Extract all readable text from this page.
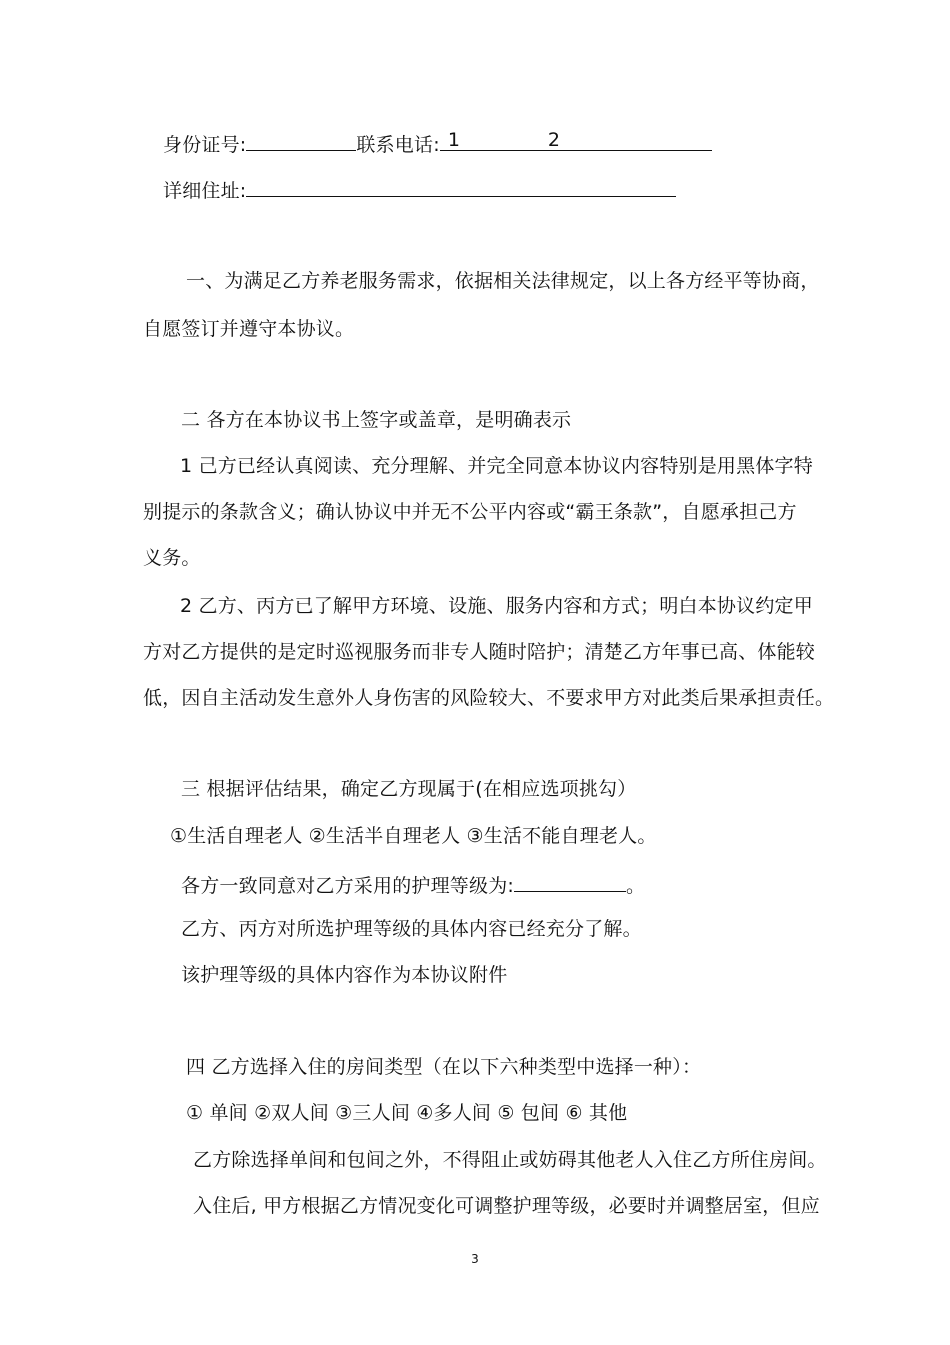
身份证号:	联系电话: 1	2
详细住址:
一、为满足乙方养老服务需求，依据相关法律规定，以上各方经平等协商，
自愿签订并遵守本协议。
二 各方在本协议书上签字或盖章，是明确表示
1 己方已经认真阅读、充分理解、并完全同意本协议内容特别是用黑体字特
别提示的条款含义；确认协议中并无不公平内容或“霸王条款”，自愿承担己方
义务。
2 乙方、丙方已了解甲方环境、设施、服务内容和方式；明白本协议约定甲
方对乙方提供的是定时巡视服务而非专人随时陪护；清楚乙方年事已高、体能较
低，因自主活动发生意外人身伤害的风险较大、不要求甲方对此类后果承担责任。
三 根据评估结果，确定乙方现属于(在相应选项挑勾）
①生活自理老人 ②生活半自理老人 ③生活不能自理老人。
各方一致同意对乙方采用的护理等级为:	。
乙方、丙方对所选护理等级的具体内容已经充分了解。
该护理等级的具体内容作为本协议附件
四 乙方选择入住的房间类型（在以下六种类型中选择一种）：
① 单间 ②双人间 ③三人间 ④多人间 ⑤ 包间 ⑥ 其他
乙方除选择单间和包间之外，不得阻止或妨碍其他老人入住乙方所住房间。
入住后, 甲方根据乙方情况变化可调整护理等级，必要时并调整居室，但应
3
